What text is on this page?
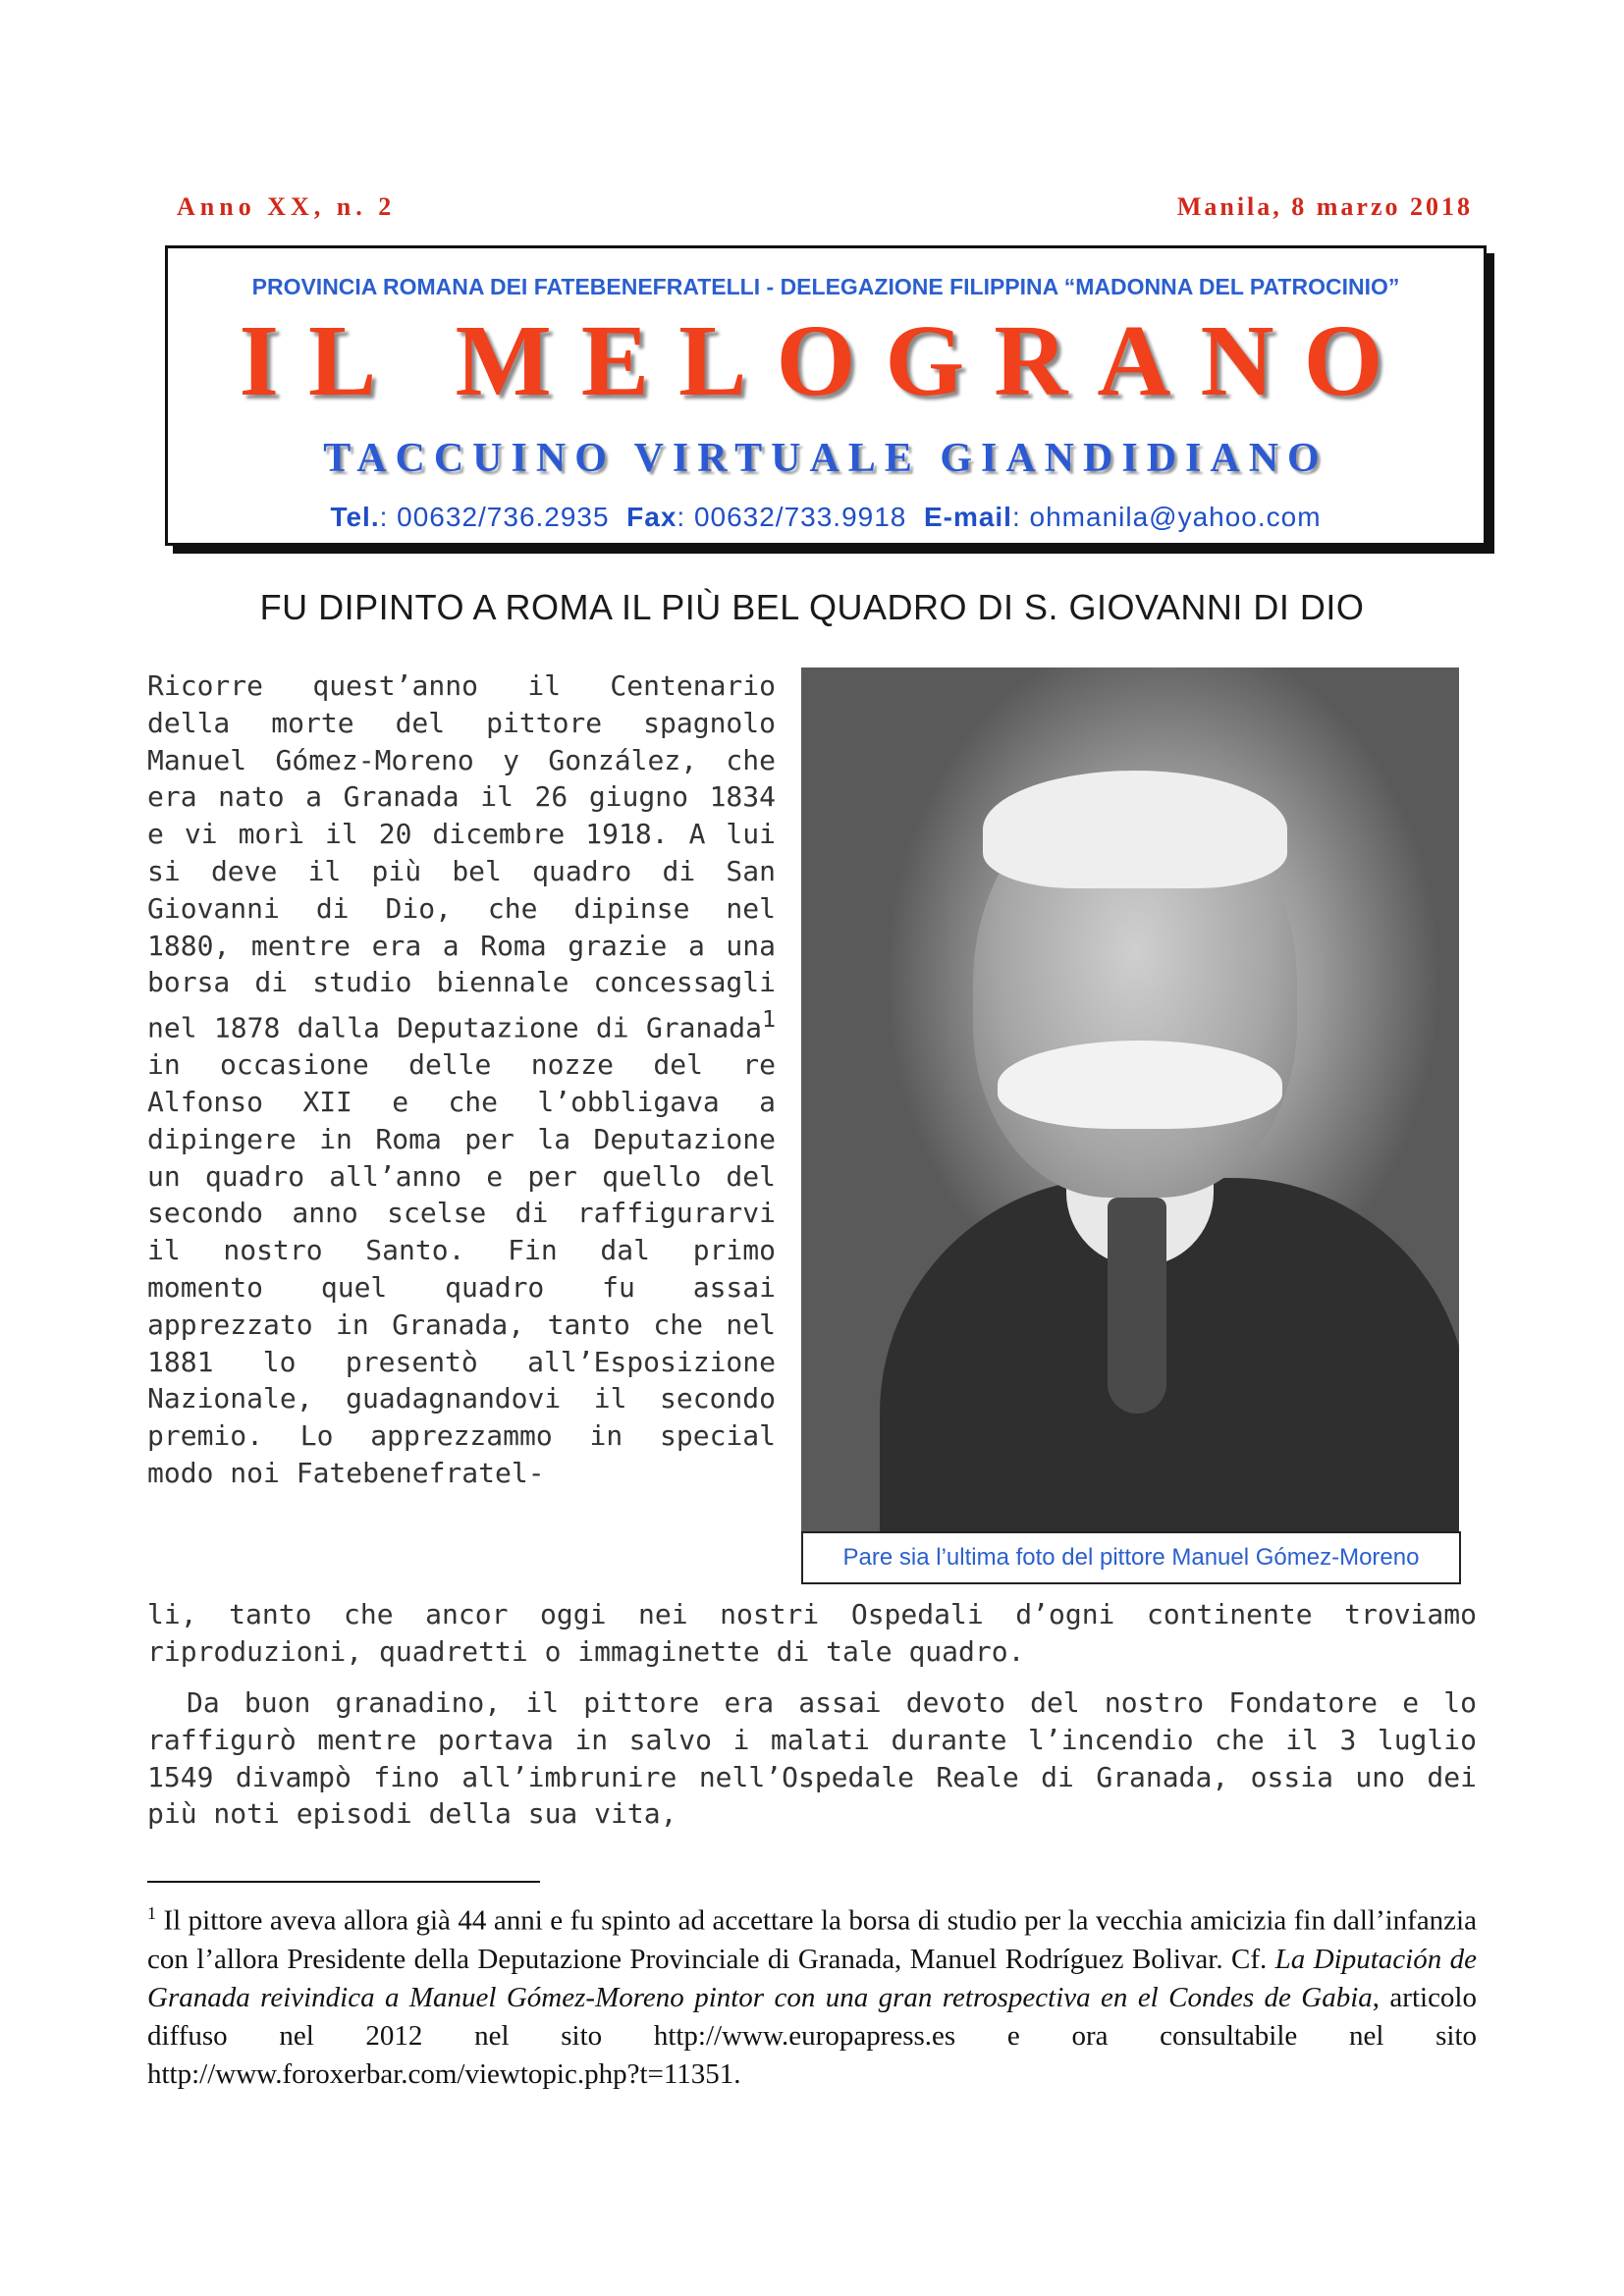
Anno XX, n. 2	Manila, 8 marzo 2018
PROVINCIA ROMANA DEI FATEBENEFRATELLI - DELEGAZIONE FILIPPINA “MADONNA DEL PATROCINIO”
IL MELOGRANO
TACCUINO VIRTUALE GIANDIDIANO
Tel.: 00632/736.2935 Fax: 00632/733.9918 E-mail: ohmanila@yahoo.com
FU DIPINTO A ROMA IL PIÙ BEL QUADRO DI S. GIOVANNI DI DIO

Ricorre quest’anno il Centenario della morte del pittore spagnolo Manuel Gómez-Moreno y González, che era nato a Granada il 26 giugno 1834 e vi morì il 20 dicembre 1918. A lui si deve il più bel quadro di San Giovanni di Dio, che dipinse nel 1880, mentre era a Roma grazie a una borsa di studio biennale concessagli nel 1878 dalla Deputazione di Granada$^1$ in occasione delle nozze del re Alfonso XII e che l’obbligava a dipingere in Roma per la Deputazione un quadro all’anno e per quello del secondo anno scelse di raffigurarvi il nostro Santo. Fin dal primo momento quel quadro fu assai apprezzato in Granada, tanto che nel 1881 lo presentò all’Esposizione Nazionale, guadagnandovi il secondo premio. Lo apprezzammo in special modo noi Fatebenefratel-

Pare sia l’ultima foto del pittore Manuel Gómez-Moreno

li, tanto che ancor oggi nei nostri Ospedali d’ogni continente troviamo riproduzioni, quadretti o immaginette di tale quadro.

Da buon granadino, il pittore era assai devoto del nostro Fondatore e lo raffigurò mentre portava in salvo i malati durante l’incendio che il 3 luglio 1549 divampò fino all’imbrunire nell’Ospedale Reale di Granada, ossia uno dei più noti episodi della sua vita,

$^1$ Il pittore aveva allora già 44 anni e fu spinto ad accettare la borsa di studio per la vecchia amicizia fin dall’infanzia con l’allora Presidente della Deputazione Provinciale di Granada, Manuel Rodríguez Bolivar. Cf. La Diputación de Granada reivindica a Manuel Gómez-Moreno pintor con una gran retrospectiva en el Condes de Gabia, articolo diffuso nel 2012 nel sito http://www.europapress.es e ora consultabile nel sito http://www.foroxerbar.com/viewtopic.php?t=11351.
